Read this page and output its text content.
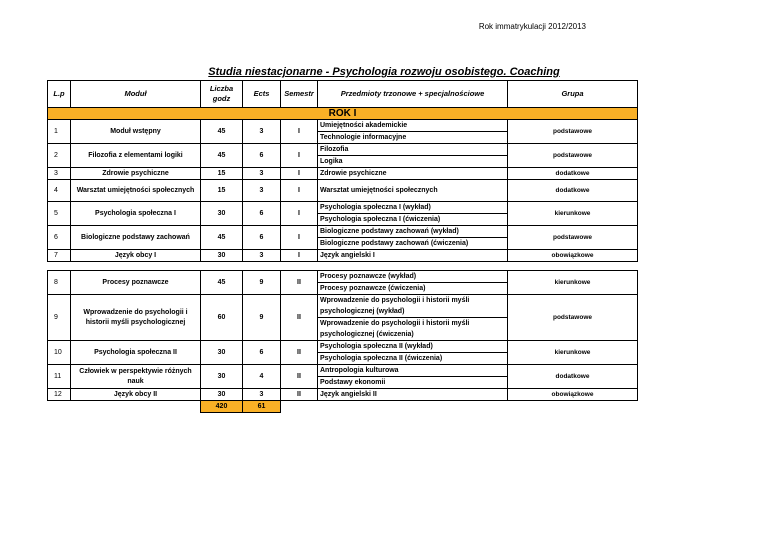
Rok immatrykulacji 2012/2013
Studia niestacjonarne - Psychologia rozwoju osobistego. Coaching
L.p	Moduł	Liczba godz	Ects	Semestr	Przedmioty trzonowe + specjalnościowe	Grupa
ROK I						
1	Moduł wstępny	45	3	I	Umiejętności akademickie	podstawowe
					Technologie informacyjne	
2	Filozofia z elementami logiki	45	6	I	Filozofia	podstawowe
					Logika	
3	Zdrowie psychiczne	15	3	I	Zdrowie psychiczne	dodatkowe
4	Warsztat umiejętności społecznych	15	3	I	Warsztat umiejętności społecznych	dodatkowe
5	Psychologia społeczna I	30	6	I	Psychologia społeczna I (wykład)	kierunkowe
					Psychologia społeczna I (ćwiczenia)	
6	Biologiczne podstawy zachowań	45	6	I	Biologiczne podstawy zachowań (wykład)	podstawowe
					Biologiczne podstawy zachowań (ćwiczenia)	
7	Język obcy I	30	3	I	Język angielski I	obowiązkowe

8	Procesy poznawcze	45	9	II	Procesy poznawcze (wykład)	kierunkowe
					Procesy poznawcze (ćwiczenia)	
9	Wprowadzenie do psychologii i historii myśli psychologicznej	60	9	II	Wprowadzenie do psychologii i historii myśli	podstawowe
					psychologicznej (wykład)	
					Wprowadzenie do psychologii i historii myśli	
					psychologicznej (ćwiczenia)	
10	Psychologia społeczna II	30	6	II	Psychologia społeczna II (wykład)	kierunkowe
					Psychologia społeczna II (ćwiczenia)	
11	Człowiek w perspektywie różnych nauk	30	4	II	Antropologia kulturowa	dodatkowe
					Podstawy ekonomii	
12	Język obcy II	30	3	II	Język angielski II	obowiązkowe
		420	61			
